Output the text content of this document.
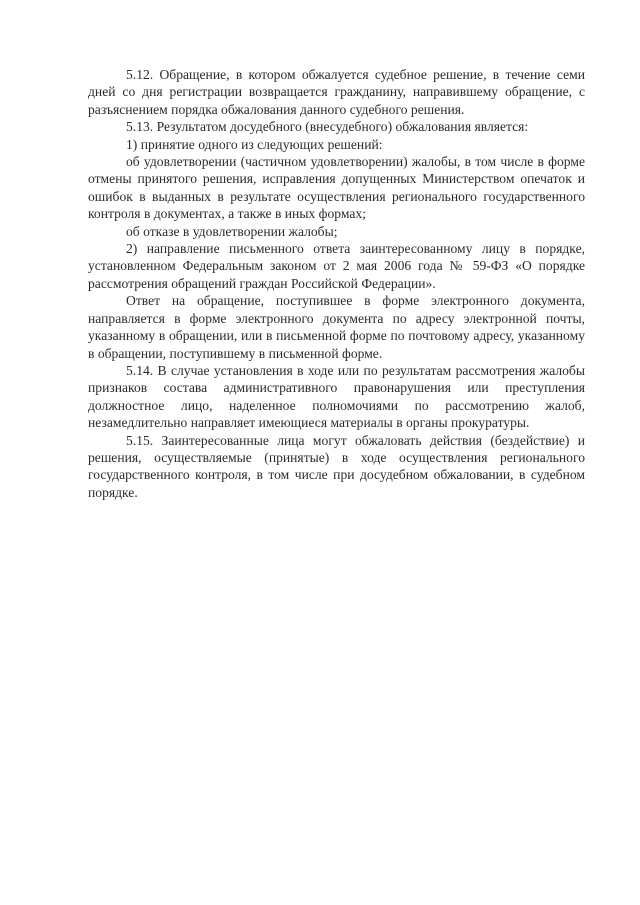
5.12. Обращение, в котором обжалуется судебное решение, в течение семи дней со дня регистрации возвращается гражданину, направившему обращение, с разъяснением порядка обжалования данного судебного решения.

5.13. Результатом досудебного (внесудебного) обжалования является:

1) принятие одного из следующих решений:

об удовлетворении (частичном удовлетворении) жалобы, в том числе в форме отмены принятого решения, исправления допущенных Министерством опечаток и ошибок в выданных в результате осуществления регионального государственного контроля в документах, а также в иных формах;

об отказе в удовлетворении жалобы;

2) направление письменного ответа заинтересованному лицу в порядке, установленном Федеральным законом от 2 мая 2006 года № 59-ФЗ «О порядке рассмотрения обращений граждан Российской Федерации».

Ответ на обращение, поступившее в форме электронного документа, направляется в форме электронного документа по адресу электронной почты, указанному в обращении, или в письменной форме по почтовому адресу, указанному в обращении, поступившему в письменной форме.

5.14. В случае установления в ходе или по результатам рассмотрения жалобы признаков состава административного правонарушения или преступления должностное лицо, наделенное полномочиями по рассмотрению жалоб, незамедлительно направляет имеющиеся материалы в органы прокуратуры.

5.15. Заинтересованные лица могут обжаловать действия (бездействие) и решения, осуществляемые (принятые) в ходе осуществления регионального государственного контроля, в том числе при досудебном обжаловании, в судебном порядке.
